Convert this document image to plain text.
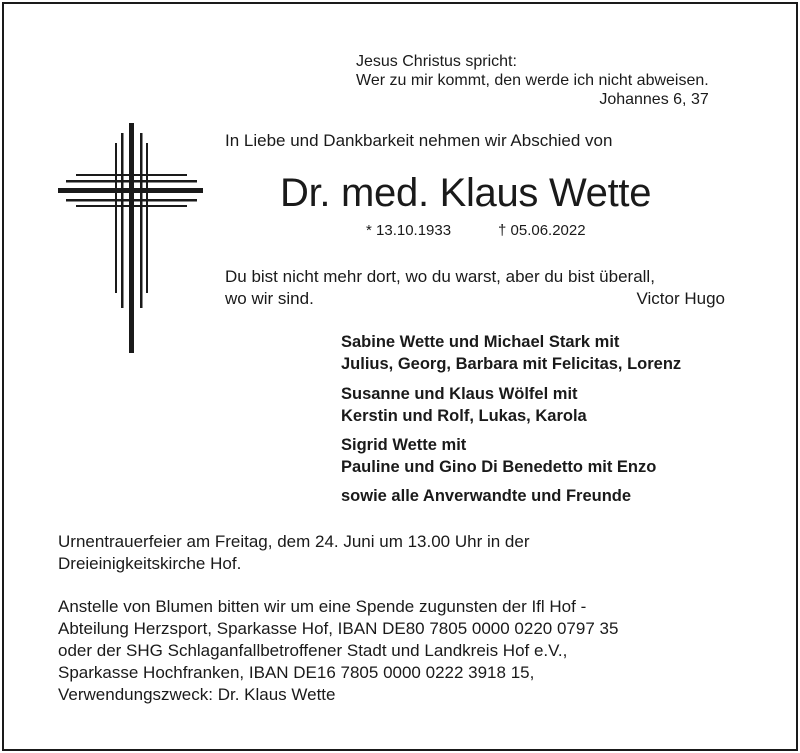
Jesus Christus spricht:
Wer zu mir kommt, den werde ich nicht abweisen.
Johannes 6, 37
In Liebe und Dankbarkeit nehmen wir Abschied von
Dr. med. Klaus Wette
* 13.10.1933	† 05.06.2022
Du bist nicht mehr dort, wo du warst, aber du bist überall,
wo wir sind.	Victor Hugo
Sabine Wette und Michael Stark mit
Julius, Georg, Barbara mit Felicitas, Lorenz
Susanne und Klaus Wölfel mit
Kerstin und Rolf, Lukas, Karola
Sigrid Wette mit
Pauline und Gino Di Benedetto mit Enzo
sowie alle Anverwandte und Freunde
Urnentrauerfeier am Freitag, dem 24. Juni um 13.00 Uhr in der
Dreieinigkeitskirche Hof.
Anstelle von Blumen bitten wir um eine Spende zugunsten der Ifl Hof -
Abteilung Herzsport, Sparkasse Hof, IBAN DE80 7805 0000 0220 0797 35
oder der SHG Schlaganfallbetroffener Stadt und Landkreis Hof e.V.,
Sparkasse Hochfranken, IBAN DE16 7805 0000 0222 3918 15,
Verwendungszweck: Dr. Klaus Wette
